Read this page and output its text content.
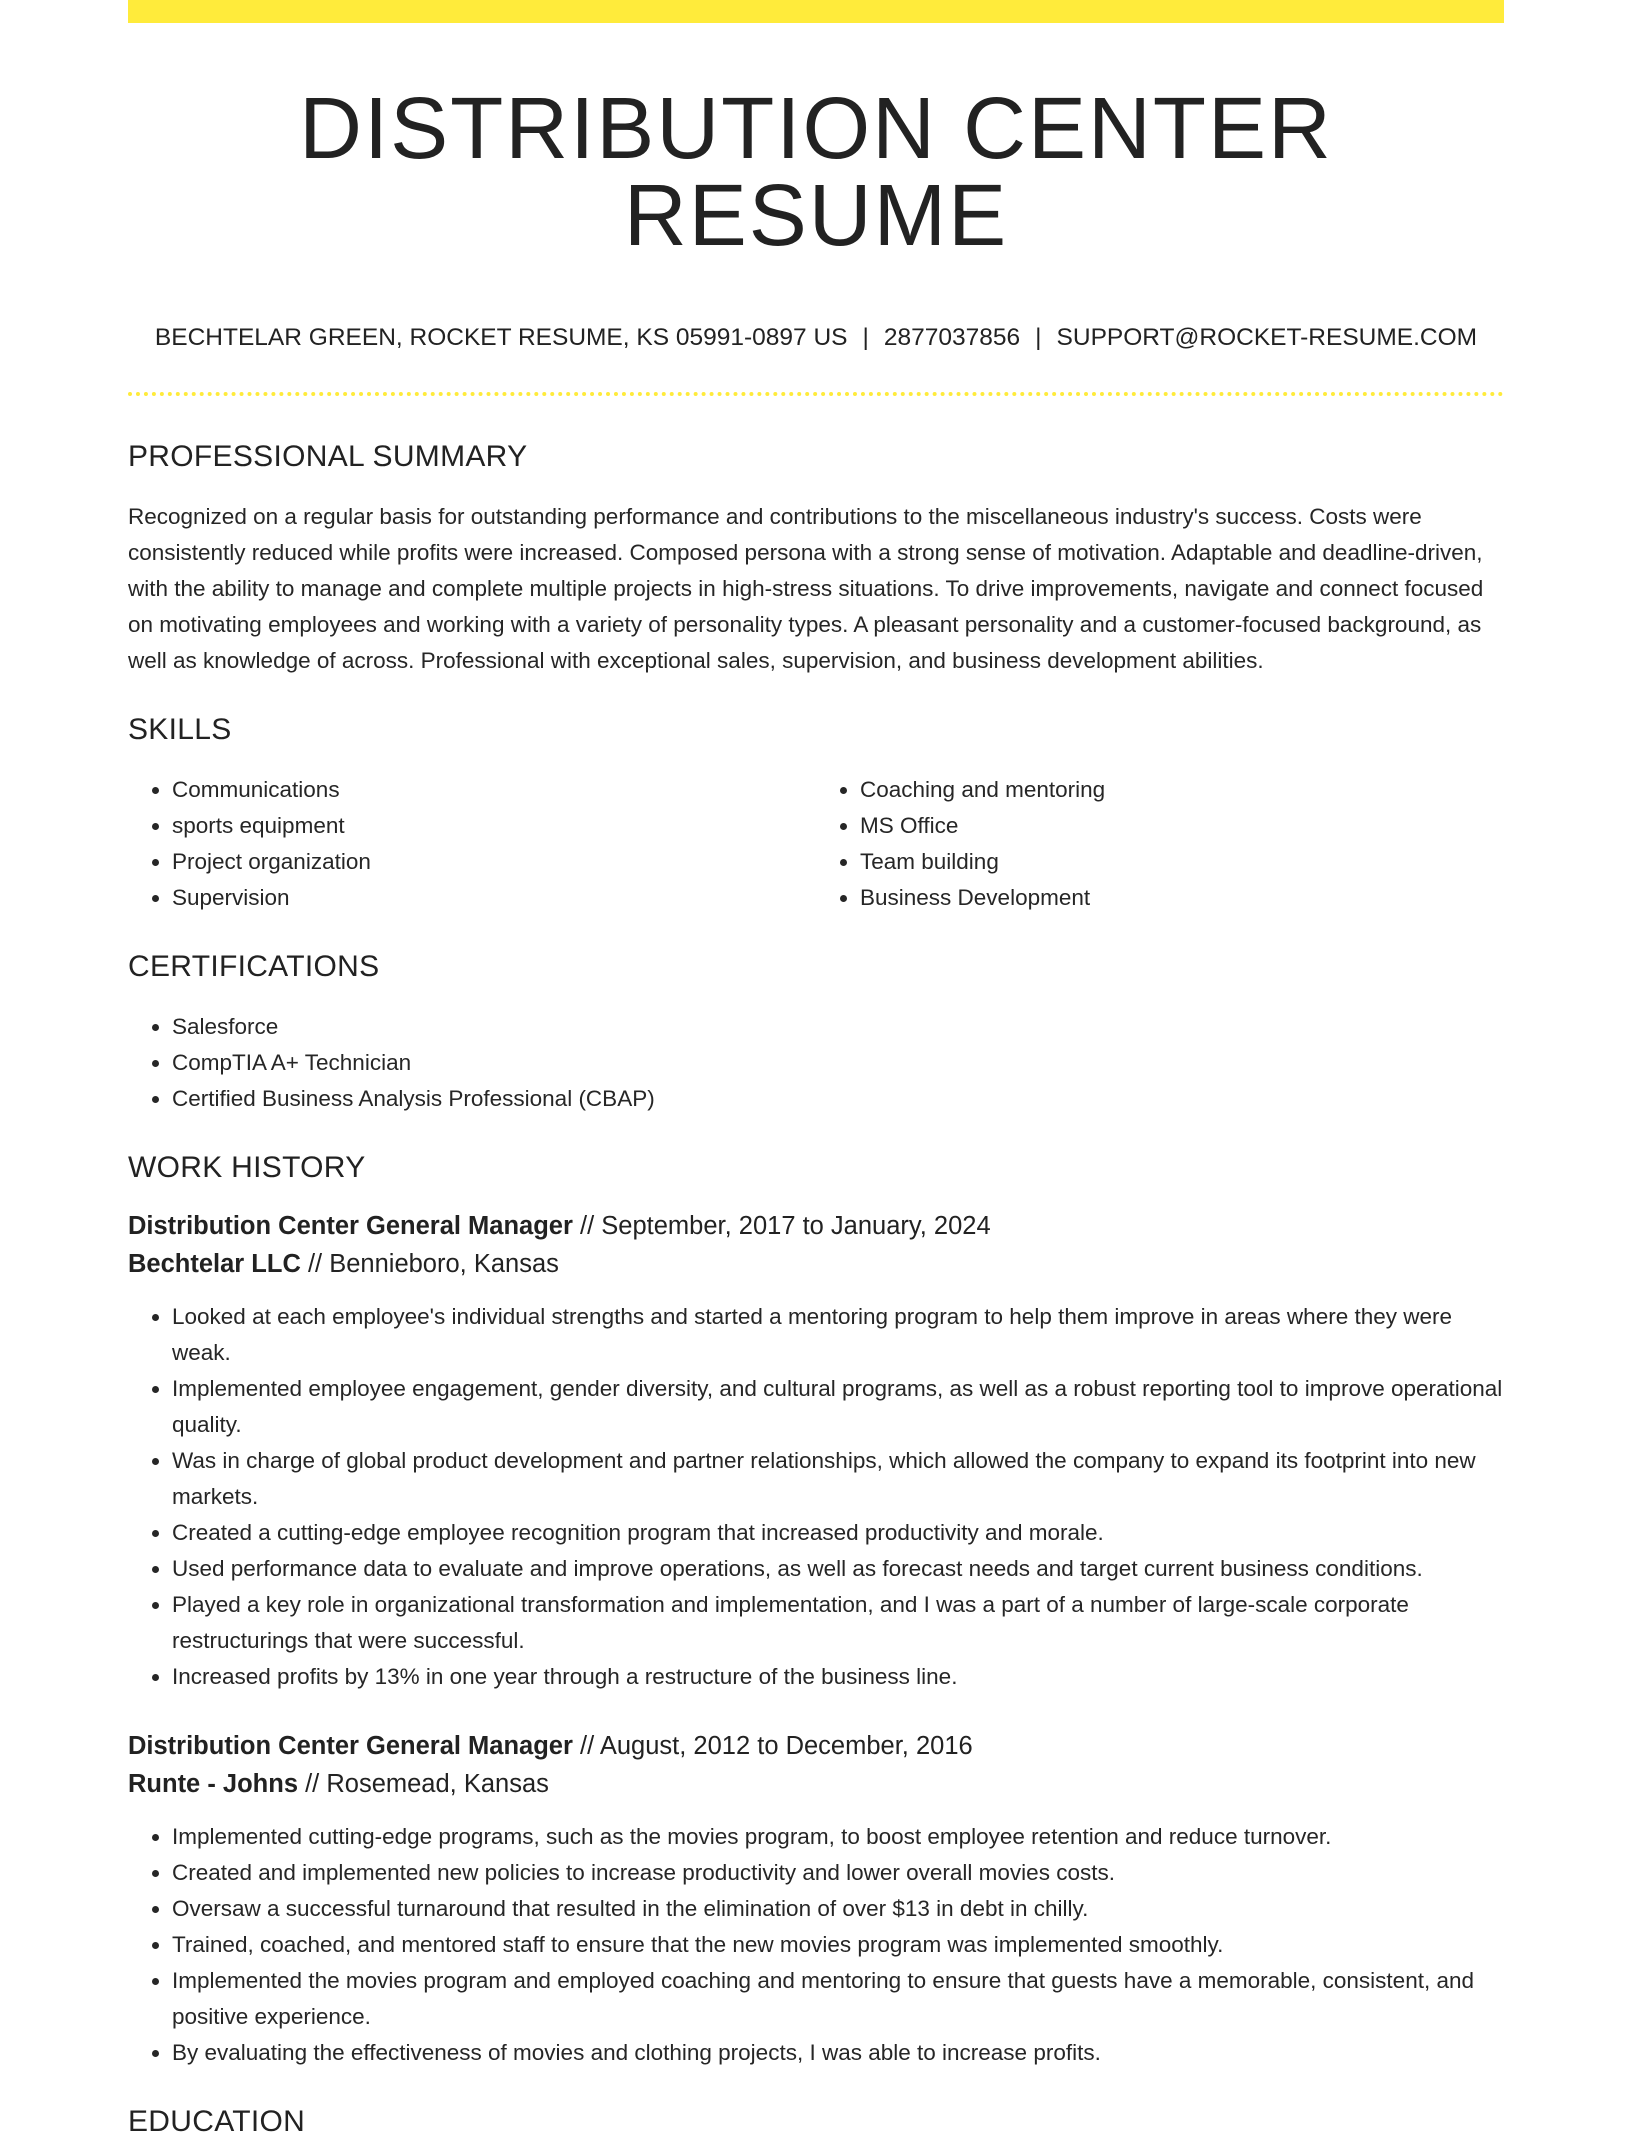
DISTRIBUTION CENTER RESUME
BECHTELAR GREEN, ROCKET RESUME, KS 05991-0897 US | 2877037856 | SUPPORT@ROCKET-RESUME.COM
PROFESSIONAL SUMMARY

Recognized on a regular basis for outstanding performance and contributions to the miscellaneous industry's success. Costs were consistently reduced while profits were increased. Composed persona with a strong sense of motivation. Adaptable and deadline-driven, with the ability to manage and complete multiple projects in high-stress situations. To drive improvements, navigate and connect focused on motivating employees and working with a variety of personality types. A pleasant personality and a customer-focused background, as well as knowledge of across. Professional with exceptional sales, supervision, and business development abilities.

SKILLS
• Communications
• sports equipment
• Project organization
• Supervision
• Coaching and mentoring
• MS Office
• Team building
• Business Development
CERTIFICATIONS
• Salesforce
• CompTIA A+ Technician
• Certified Business Analysis Professional (CBAP)
WORK HISTORY

Distribution Center General Manager // September, 2017 to January, 2024

Bechtelar LLC // Bennieboro, Kansas

• Looked at each employee's individual strengths and started a mentoring program to help them improve in areas where they were weak.
• Implemented employee engagement, gender diversity, and cultural programs, as well as a robust reporting tool to improve operational quality.
• Was in charge of global product development and partner relationships, which allowed the company to expand its footprint into new markets.
• Created a cutting-edge employee recognition program that increased productivity and morale.
• Used performance data to evaluate and improve operations, as well as forecast needs and target current business conditions.
• Played a key role in organizational transformation and implementation, and I was a part of a number of large-scale corporate restructurings that were successful.
• Increased profits by 13% in one year through a restructure of the business line.

Distribution Center General Manager // August, 2012 to December, 2016

Runte - Johns // Rosemead, Kansas

• Implemented cutting-edge programs, such as the movies program, to boost employee retention and reduce turnover.
• Created and implemented new policies to increase productivity and lower overall movies costs.
• Oversaw a successful turnaround that resulted in the elimination of over $13 in debt in chilly.
• Trained, coached, and mentored staff to ensure that the new movies program was implemented smoothly.
• Implemented the movies program and employed coaching and mentoring to ensure that guests have a memorable, consistent, and positive experience.
• By evaluating the effectiveness of movies and clothing projects, I was able to increase profits.
EDUCATION
